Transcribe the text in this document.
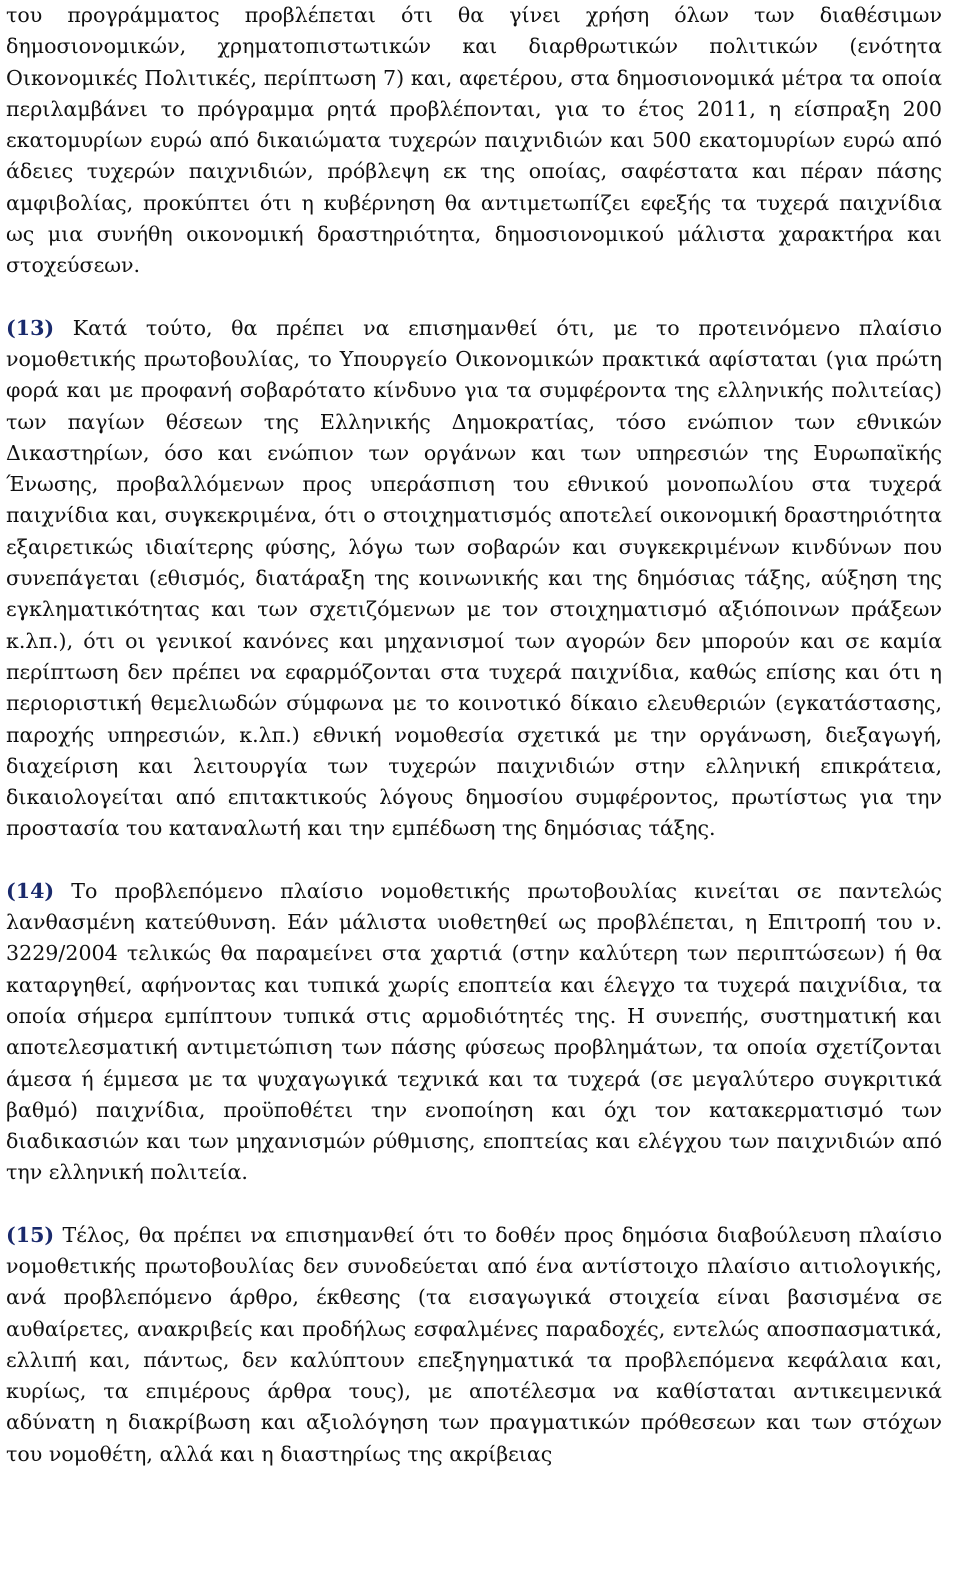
του προγράμματος προβλέπεται ότι θα γίνει χρήση όλων των διαθέσιμων δημοσιονομικών, χρηματοπιστωτικών και διαρθρωτικών πολιτικών (ενότητα Οικονομικές Πολιτικές, περίπτωση 7) και, αφετέρου, στα δημοσιονομικά μέτρα τα οποία περιλαμβάνει το πρόγραμμα ρητά προβλέπονται, για το έτος 2011, η είσπραξη 200 εκατομυρίων ευρώ από δικαιώματα τυχερών παιχνιδιών και 500 εκατομυρίων ευρώ από άδειες τυχερών παιχνιδιών, πρόβλεψη εκ της οποίας, σαφέστατα και πέραν πάσης αμφιβολίας, προκύπτει ότι η κυβέρνηση θα αντιμετωπίζει εφεξής τα τυχερά παιχνίδια ως μια συνήθη οικονομική δραστηριότητα, δημοσιονομικού μάλιστα χαρακτήρα και στοχεύσεων.

(13) Κατά τούτο, θα πρέπει να επισημανθεί ότι, με το προτεινόμενο πλαίσιο νομοθετικής πρωτοβουλίας, το Υπουργείο Οικονομικών πρακτικά αφίσταται (για πρώτη φορά και με προφανή σοβαρότατο κίνδυνο για τα συμφέροντα της ελληνικής πολιτείας) των παγίων θέσεων της Ελληνικής Δημοκρατίας, τόσο ενώπιον των εθνικών Δικαστηρίων, όσο και ενώπιον των οργάνων και των υπηρεσιών της Ευρωπαϊκής Ένωσης, προβαλλόμενων προς υπεράσπιση του εθνικού μονοπωλίου στα τυχερά παιχνίδια και, συγκεκριμένα, ότι ο στοιχηματισμός αποτελεί οικονομική δραστηριότητα εξαιρετικώς ιδιαίτερης φύσης, λόγω των σοβαρών και συγκεκριμένων κινδύνων που συνεπάγεται (εθισμός, διατάραξη της κοινωνικής και της δημόσιας τάξης, αύξηση της εγκληματικότητας και των σχετιζόμενων με τον στοιχηματισμό αξιόποινων πράξεων κ.λπ.), ότι οι γενικοί κανόνες και μηχανισμοί των αγορών δεν μπορούν και σε καμία περίπτωση δεν πρέπει να εφαρμόζονται στα τυχερά παιχνίδια, καθώς επίσης και ότι η περιοριστική θεμελιωδών σύμφωνα με το κοινοτικό δίκαιο ελευθεριών (εγκατάστασης, παροχής υπηρεσιών, κ.λπ.) εθνική νομοθεσία σχετικά με την οργάνωση, διεξαγωγή, διαχείριση και λειτουργία των τυχερών παιχνιδιών στην ελληνική επικράτεια, δικαιολογείται από επιτακτικούς λόγους δημοσίου συμφέροντος, πρωτίστως για την προστασία του καταναλωτή και την εμπέδωση της δημόσιας τάξης.

(14) Το προβλεπόμενο πλαίσιο νομοθετικής πρωτοβουλίας κινείται σε παντελώς λανθασμένη κατεύθυνση. Εάν μάλιστα υιοθετηθεί ως προβλέπεται, η Επιτροπή του ν. 3229/2004 τελικώς θα παραμείνει στα χαρτιά (στην καλύτερη των περιπτώσεων) ή θα καταργηθεί, αφήνοντας και τυπικά χωρίς εποπτεία και έλεγχο τα τυχερά παιχνίδια, τα οποία σήμερα εμπίπτουν τυπικά στις αρμοδιότητές της. Η συνεπής, συστηματική και αποτελεσματική αντιμετώπιση των πάσης φύσεως προβλημάτων, τα οποία σχετίζονται άμεσα ή έμμεσα με τα ψυχαγωγικά τεχνικά και τα τυχερά (σε μεγαλύτερο συγκριτικά βαθμό) παιχνίδια, προϋποθέτει την ενοποίηση και όχι τον κατακερματισμό των διαδικασιών και των μηχανισμών ρύθμισης, εποπτείας και ελέγχου των παιχνιδιών από την ελληνική πολιτεία.

(15) Τέλος, θα πρέπει να επισημανθεί ότι το δοθέν προς δημόσια διαβούλευση πλαίσιο νομοθετικής πρωτοβουλίας δεν συνοδεύεται από ένα αντίστοιχο πλαίσιο αιτιολογικής, ανά προβλεπόμενο άρθρο, έκθεσης (τα εισαγωγικά στοιχεία είναι βασισμένα σε αυθαίρετες, ανακριβείς και προδήλως εσφαλμένες παραδοχές, εντελώς αποσπασματικά, ελλιπή και, πάντως, δεν καλύπτουν επεξηγηματικά τα προβλεπόμενα κεφάλαια και, κυρίως, τα επιμέρους άρθρα τους), με αποτέλεσμα να καθίσταται αντικειμενικά αδύνατη η διακρίβωση και αξιολόγηση των πραγματικών πρόθεσεων και των στόχων του νομοθέτη, αλλά και η διαστηρίως της ακρίβειας
